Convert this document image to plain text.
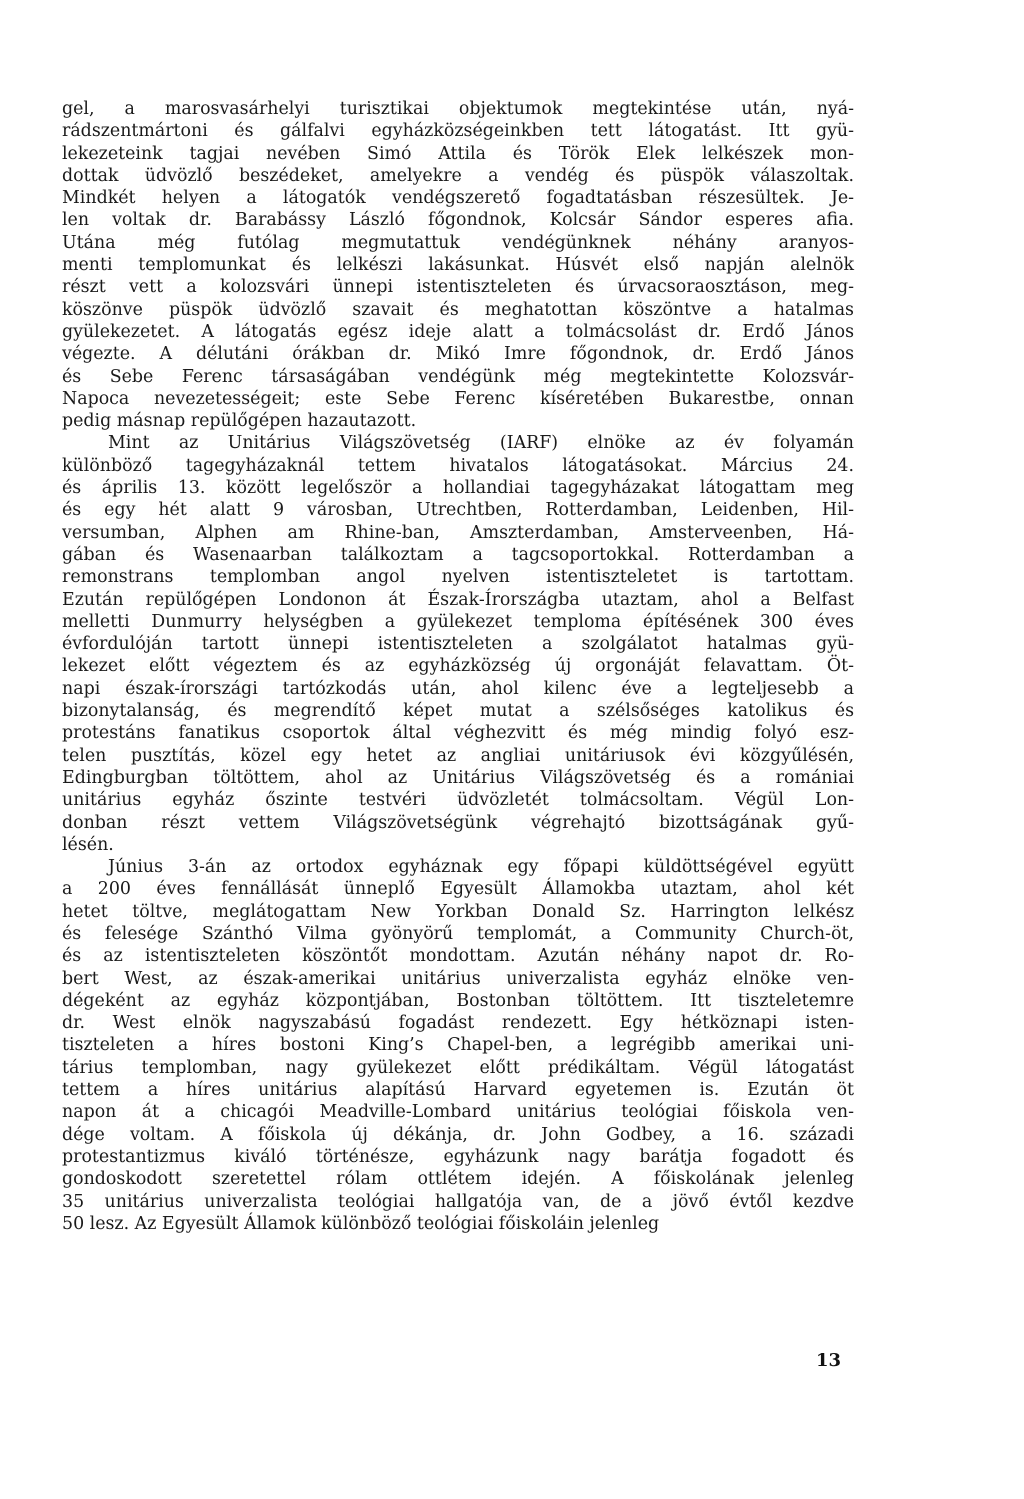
gel, a marosvasárhelyi turisztikai objektumok megtekintése után, nyá-
rádszentmártoni és gálfalvi egyházközségeinkben tett látogatást. Itt gyü-
lekezeteink tagjai nevében Simó Attila és Török Elek lelkészek mon-
dottak üdvözlő beszédeket, amelyekre a vendég és püspök válaszoltak.
Mindkét helyen a látogatók vendégszerető fogadtatásban részesültek. Je-
len voltak dr. Barabássy László főgondnok, Kolcsár Sándor esperes afia.
Utána még futólag megmutattuk vendégünknek néhány aranyos-
menti templomunkat és lelkészi lakásunkat. Húsvét első napján alelnök
részt vett a kolozsvári ünnepi istentiszteleten és úrvacsoraosztáson, meg-
köszönve püspök üdvözlő szavait és meghatottan köszöntve a hatalmas
gyülekezetet. A látogatás egész ideje alatt a tolmácsolást dr. Erdő János
végezte. A délutáni órákban dr. Mikó Imre főgondnok, dr. Erdő János
és Sebe Ferenc társaságában vendégünk még megtekintette Kolozsvár-
Napoca nevezetességeit; este Sebe Ferenc kíséretében Bukarestbe, onnan
pedig másnap repülőgépen hazautazott.
Mint az Unitárius Világszövetség (IARF) elnöke az év folyamán
különböző tagegyházaknál tettem hivatalos látogatásokat. Március 24.
és április 13. között legelőször a hollandiai tagegyházakat látogattam meg
és egy hét alatt 9 városban, Utrechtben, Rotterdamban, Leidenben, Hil-
versumban, Alphen am Rhine-ban, Amszterdamban, Amsterveenben, Há-
gában és Wasenaarban találkoztam a tagcsoportokkal. Rotterdamban a
remonstrans templomban angol nyelven istentiszteletet is tartottam.
Ezután repülőgépen Londonon át Észak-Írországba utaztam, ahol a Belfast
melletti Dunmurry helységben a gyülekezet temploma építésének 300 éves
évfordulóján tartott ünnepi istentiszteleten a szolgálatot hatalmas gyü-
lekezet előtt végeztem és az egyházközség új orgonáját felavattam. Öt-
napi észak-írországi tartózkodás után, ahol kilenc éve a legteljesebb a
bizonytalanság, és megrendítő képet mutat a szélsőséges katolikus és
protestáns fanatikus csoportok által véghezvitt és még mindig folyó esz-
telen pusztítás, közel egy hetet az angliai unitáriusok évi közgyűlésén,
Edingburgban töltöttem, ahol az Unitárius Világszövetség és a romániai
unitárius egyház őszinte testvéri üdvözletét tolmácsoltam. Végül Lon-
donban részt vettem Világszövetségünk végrehajtó bizottságának gyű-
lésén.
Június 3-án az ortodox egyháznak egy főpapi küldöttségével együtt
a 200 éves fennállását ünneplő Egyesült Államokba utaztam, ahol két
hetet töltve, meglátogattam New Yorkban Donald Sz. Harrington lelkész
és felesége Szánthó Vilma gyönyörű templomát, a Community Church-öt,
és az istentiszteleten köszöntőt mondottam. Azután néhány napot dr. Ro-
bert West, az észak-amerikai unitárius univerzalista egyház elnöke ven-
dégeként az egyház központjában, Bostonban töltöttem. Itt tiszteletemre
dr. West elnök nagyszabású fogadást rendezett. Egy hétköznapi isten-
tiszteleten a híres bostoni King’s Chapel-ben, a legrégibb amerikai uni-
tárius templomban, nagy gyülekezet előtt prédikáltam. Végül látogatást
tettem a híres unitárius alapítású Harvard egyetemen is. Ezután öt
napon át a chicagói Meadville-Lombard unitárius teológiai főiskola ven-
dége voltam. A főiskola új dékánja, dr. John Godbey, a 16. századi
protestantizmus kiváló történésze, egyházunk nagy barátja fogadott és
gondoskodott szeretettel rólam ottlétem idején. A főiskolának jelenleg
35 unitárius univerzalista teológiai hallgatója van, de a jövő évtől kezdve
50 lesz. Az Egyesült Államok különböző teológiai főiskoláin jelenleg
13
